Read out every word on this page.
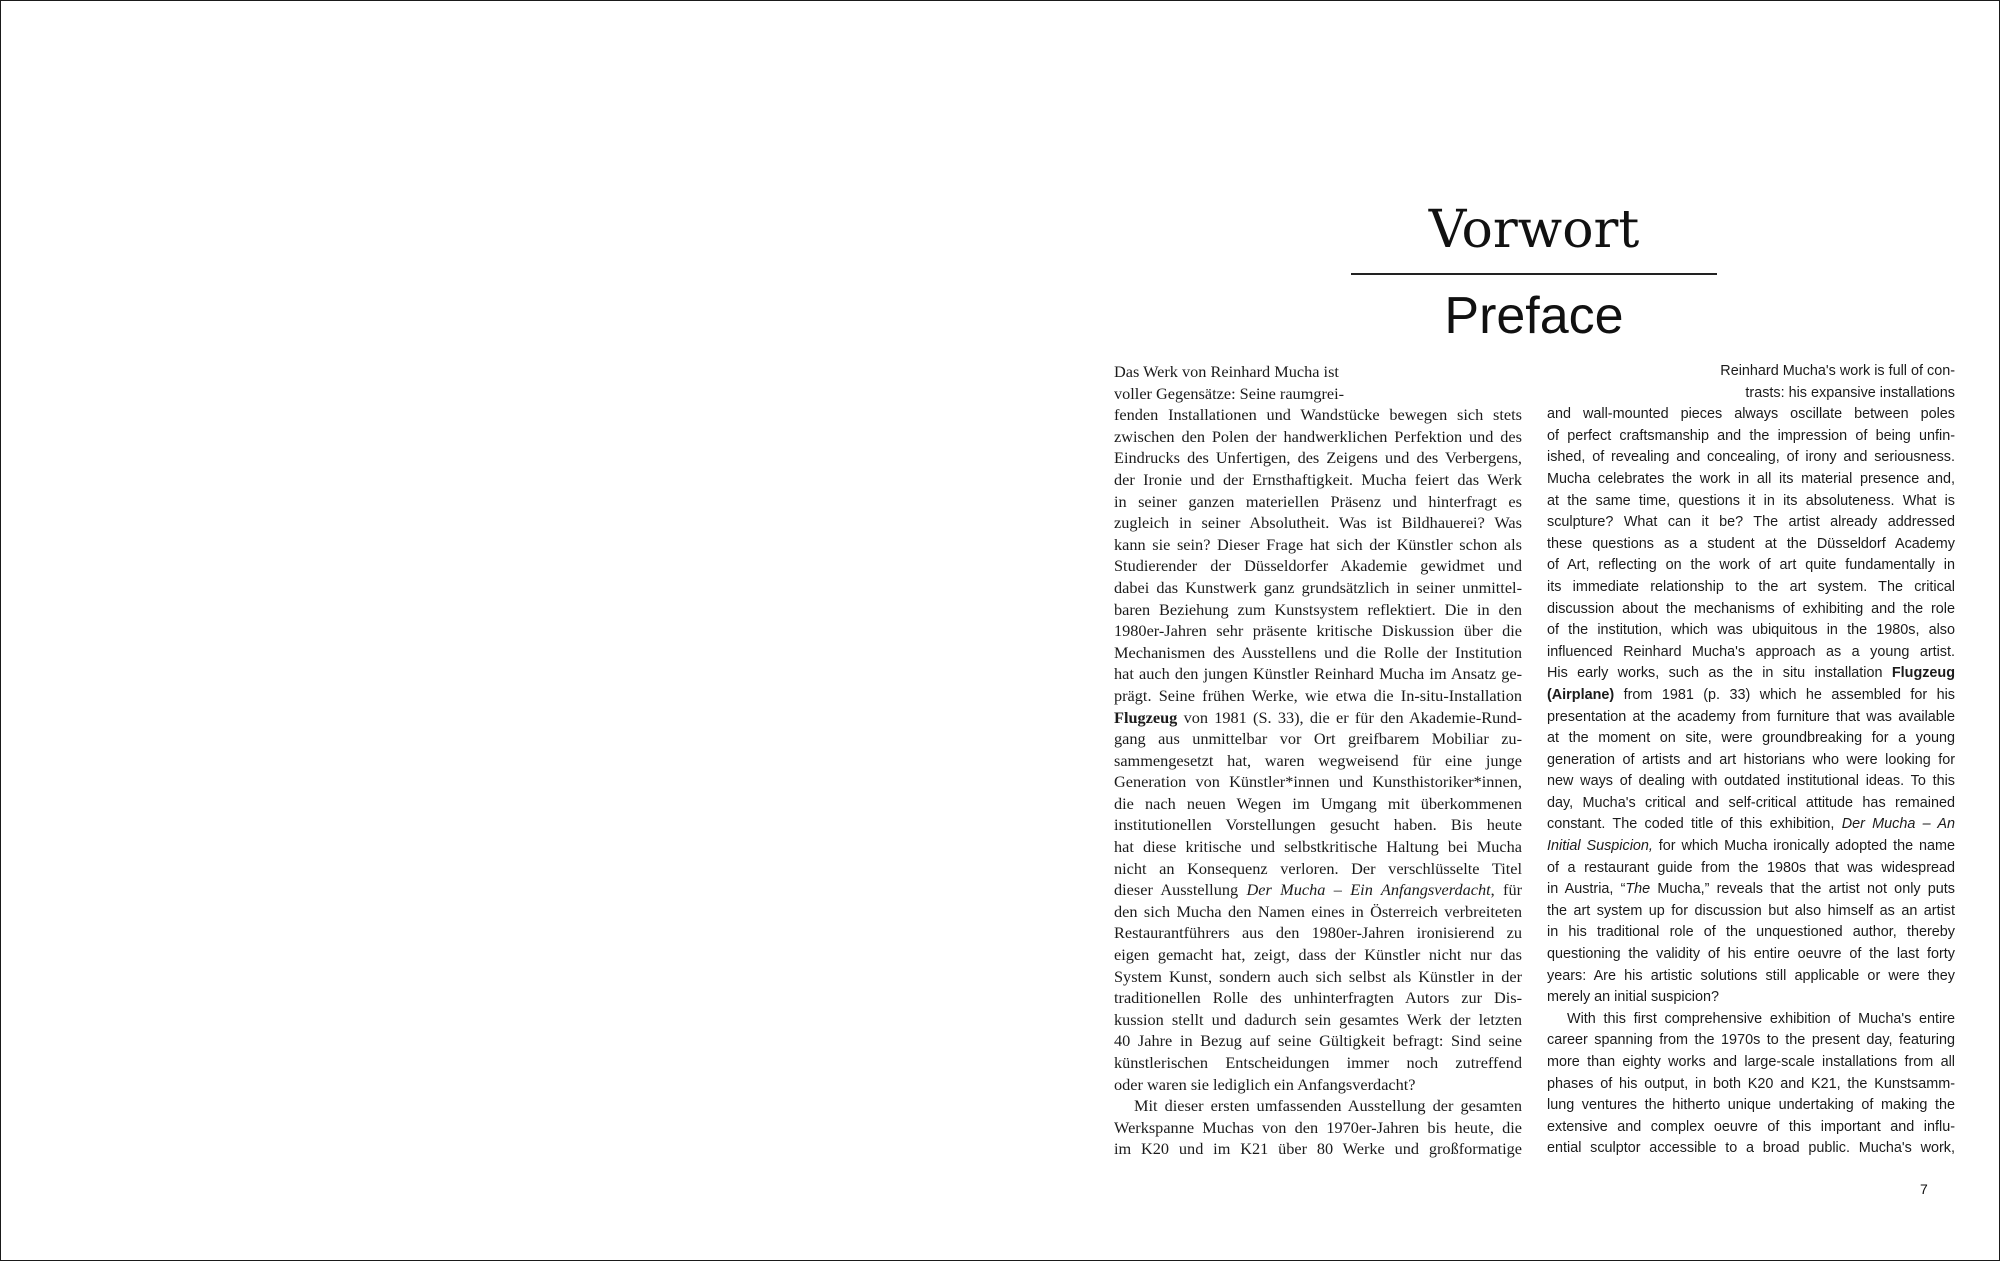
Vorwort
Preface
Das Werk von Reinhard Mucha ist
voller Gegensätze: Seine raumgrei-
fenden Installationen und Wandstücke bewegen sich stets
zwischen den Polen der handwerklichen Perfektion und des
Eindrucks des Unfertigen, des Zeigens und des Verbergens,
der Ironie und der Ernsthaftigkeit. Mucha feiert das Werk
in seiner ganzen materiellen Präsenz und hinterfragt es
zugleich in seiner Absolutheit. Was ist Bildhauerei? Was
kann sie sein? Dieser Frage hat sich der Künstler schon als
Studierender der Düsseldorfer Akademie gewidmet und
dabei das Kunstwerk ganz grundsätzlich in seiner unmittel-
baren Beziehung zum Kunstsystem reflektiert. Die in den
1980er-Jahren sehr präsente kritische Diskussion über die
Mechanismen des Ausstellens und die Rolle der Institution
hat auch den jungen Künstler Reinhard Mucha im Ansatz ge-
prägt. Seine frühen Werke, wie etwa die In-situ-Installation
Flugzeug von 1981 (S. 33), die er für den Akademie-Rund-
gang aus unmittelbar vor Ort greifbarem Mobiliar zu-
sammengesetzt hat, waren wegweisend für eine junge
Generation von Künstler*innen und Kunsthistoriker*innen,
die nach neuen Wegen im Umgang mit überkommenen
institutionellen Vorstellungen gesucht haben. Bis heute
hat diese kritische und selbstkritische Haltung bei Mucha
nicht an Konsequenz verloren. Der verschlüsselte Titel
dieser Ausstellung Der Mucha – Ein Anfangsverdacht, für
den sich Mucha den Namen eines in Österreich verbreiteten
Restaurantführers aus den 1980er-Jahren ironisierend zu
eigen gemacht hat, zeigt, dass der Künstler nicht nur das
System Kunst, sondern auch sich selbst als Künstler in der
traditionellen Rolle des unhinterfragten Autors zur Dis-
kussion stellt und dadurch sein gesamtes Werk der letzten
40 Jahre in Bezug auf seine Gültigkeit befragt: Sind seine
künstlerischen Entscheidungen immer noch zutreffend
oder waren sie lediglich ein Anfangsverdacht?
Mit dieser ersten umfassenden Ausstellung der gesamten
Werkspanne Muchas von den 1970er-Jahren bis heute, die
im K20 und im K21 über 80 Werke und großformatige
Reinhard Mucha's work is full of con-
trasts: his expansive installations
and wall-mounted pieces always oscillate between poles
of perfect craftsmanship and the impression of being unfin-
ished, of revealing and concealing, of irony and seriousness.
Mucha celebrates the work in all its material presence and,
at the same time, questions it in its absoluteness. What is
sculpture? What can it be? The artist already addressed
these questions as a student at the Düsseldorf Academy
of Art, reflecting on the work of art quite fundamentally in
its immediate relationship to the art system. The critical
discussion about the mechanisms of exhibiting and the role
of the institution, which was ubiquitous in the 1980s, also
influenced Reinhard Mucha's approach as a young artist.
His early works, such as the in situ installation Flugzeug
(Airplane) from 1981 (p. 33) which he assembled for his
presentation at the academy from furniture that was available
at the moment on site, were groundbreaking for a young
generation of artists and art historians who were looking for
new ways of dealing with outdated institutional ideas. To this
day, Mucha's critical and self-critical attitude has remained
constant. The coded title of this exhibition, Der Mucha – An
Initial Suspicion, for which Mucha ironically adopted the name
of a restaurant guide from the 1980s that was widespread
in Austria, “The Mucha,” reveals that the artist not only puts
the art system up for discussion but also himself as an artist
in his traditional role of the unquestioned author, thereby
questioning the validity of his entire oeuvre of the last forty
years: Are his artistic solutions still applicable or were they
merely an initial suspicion?
With this first comprehensive exhibition of Mucha's entire
career spanning from the 1970s to the present day, featuring
more than eighty works and large-scale installations from all
phases of his output, in both K20 and K21, the Kunstsamm-
lung ventures the hitherto unique undertaking of making the
extensive and complex oeuvre of this important and influ-
ential sculptor accessible to a broad public. Mucha's work,
7
